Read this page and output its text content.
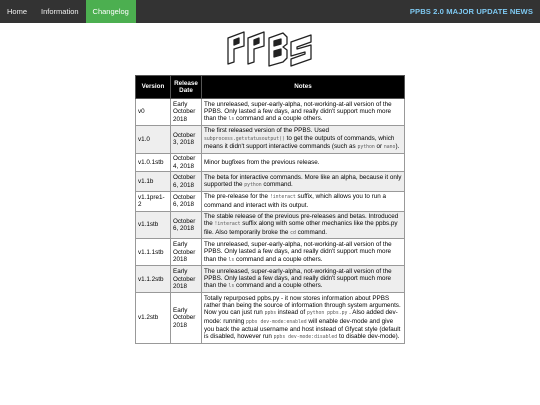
Home	Information	Changelog	PPBS 2.0 MAJOR UPDATE NEWS
Version	Release Date	Notes
v0	Early October 2018	The unreleased, super-early-alpha, not-working-at-all version of the PPBS. Only lasted a few days, and really didn't support much more than the ls command and a couple others.
v1.0	October 3, 2018	The first released version of the PPBS. Used subprocess.getstatusoutput() to get the outputs of commands, which means it didn't support interactive commands (such as python or nano).
v1.0.1stb	October 4, 2018	Minor bugfixes from the previous release.
v1.1b	October 6, 2018	The beta for interactive commands. More like an alpha, because it only supported the python command.
v1.1pre1-2	October 6, 2018	The pre-release for the !interact suffix, which allows you to run a command and interact with its output.
v1.1stb	October 6, 2018	The stable release of the previous pre-releases and betas. Introduced the !interact suffix along with some other mechanics like the ppbs.py file. Also temporarily broke the cd command.
v1.1.1stb	Early October 2018	The unreleased, super-early-alpha, not-working-at-all version of the PPBS. Only lasted a few days, and really didn't support much more than the ls command and a couple others.
v1.1.2stb	Early October 2018	The unreleased, super-early-alpha, not-working-at-all version of the PPBS. Only lasted a few days, and really didn't support much more than the ls command and a couple others.
v1.2stb	Early October 2018	Totally repurposed ppbs.py - it now stores information about PPBS rather than being the source of information through system arguments. Now you can just run ppbs instead of python ppbs.py . Also added dev-mode: running ppbs dev-mode:enabled will enable dev-mode and give you back the actual username and host instead of Gfycat style (default is disabled, however run ppbs dev-mode:disabled to disable dev-mode).
